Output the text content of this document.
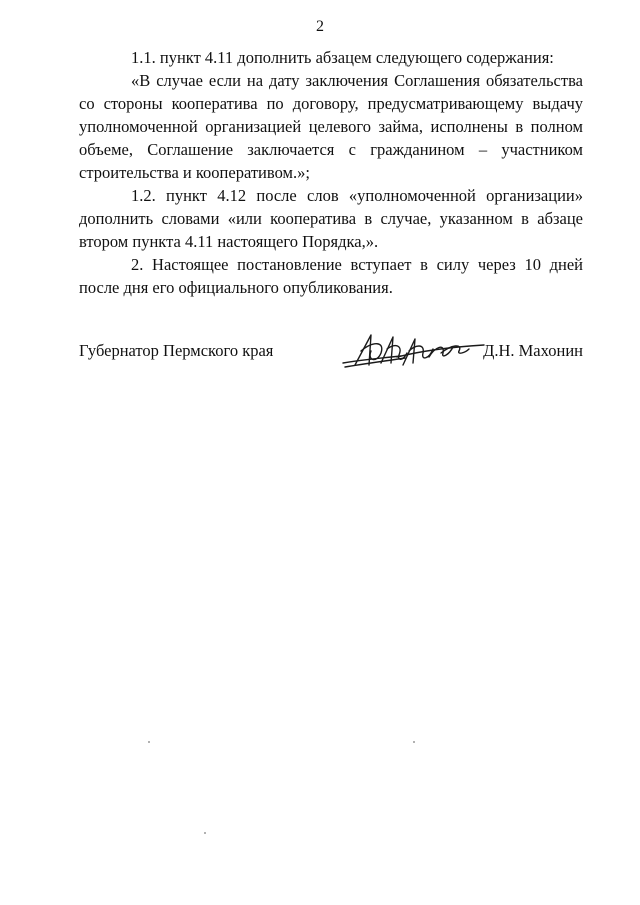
2

1.1. пункт 4.11 дополнить абзацем следующего содержания:

«В случае если на дату заключения Соглашения обязательства со стороны кооператива по договору, предусматривающему выдачу уполномоченной организацией целевого займа, исполнены в полном объеме, Соглашение заключается с гражданином – участником строительства и кооперативом.»;

1.2. пункт 4.12 после слов «уполномоченной организации» дополнить словами «или кооператива в случае, указанном в абзаце втором пункта 4.11 настоящего Порядка,».

2. Настоящее постановление вступает в силу через 10 дней после дня его официального опубликования.

Губернатор Пермского края	Д.Н. Махонин
